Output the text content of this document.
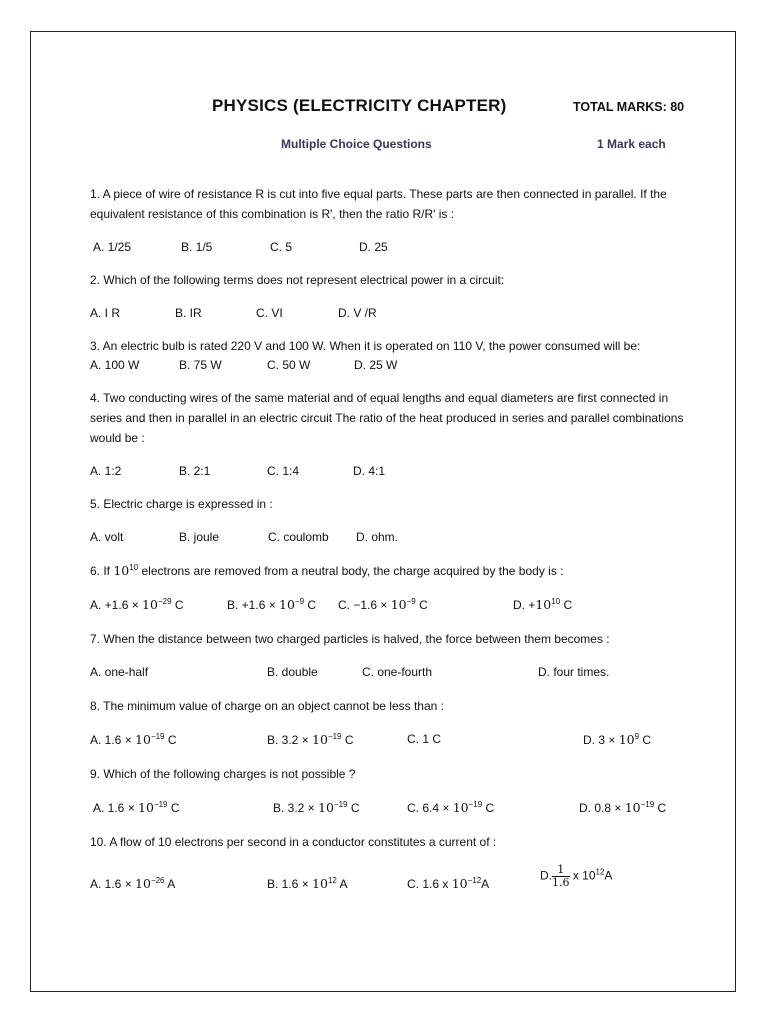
PHYSICS (ELECTRICITY CHAPTER)	TOTAL MARKS: 80
Multiple Choice Questions	1 Mark each
1. A piece of wire of resistance R is cut into five equal parts. These parts are then connected in parallel. If the equivalent resistance of this combination is R', then the ratio R/R' is :
A. 1/25	B. 1/5	C. 5	D. 25
2. Which of the following terms does not represent electrical power in a circuit:
A. I R	B. IR	C. VI	D. V /R
3. An electric bulb is rated 220 V and 100 W. When it is operated on 110 V, the power consumed will be:
A. 100 W	B. 75 W	C. 50 W	D. 25 W
4. Two conducting wires of the same material and of equal lengths and equal diameters are first connected in series and then in parallel in an electric circuit The ratio of the heat produced in series and parallel combinations would be :
A. 1:2	B. 2:1	C. 1:4	D. 4:1
5. Electric charge is expressed in :
A. volt	B. joule	C. coulomb D. ohm.
6. If $10^{10}$ electrons are removed from a neutral body, the charge acquired by the body is :
A. $+1.6 \times 10^{-29}$ C	B. $+1.6 \times 10^{-9}$ C C. $-1.6 \times 10^{-9}$ C	D. $+10^{10}$ C
7. When the distance between two charged particles is halved, the force between them becomes :
A. one-half	B. double	C. one-fourth	D. four times.
8. The minimum value of charge on an object cannot be less than :
A. $1.6 \times 10^{-19}$ C	B. $3.2 \times 10^{-19}$ C	C. 1 C	D. $3 \times 10^9$ C
9. Which of the following charges is not possible ?
A. $1.6 \times 10^{-19}$ C	B. $3.2 \times 10^{-19}$ C	C. $6.4 \times 10^{-19}$ C	D. $0.8 \times 10^{-19}$ C
10. A flow of 10 electrons per second in a conductor constitutes a current of :
A. $1.6 \times 10^{-26}$ A	B. $1.6 \times 10^{12}$ A	C. 1.6 x $10^{-12}A$
D. $\frac{1}{1.6}$ x $10^{12}A$
